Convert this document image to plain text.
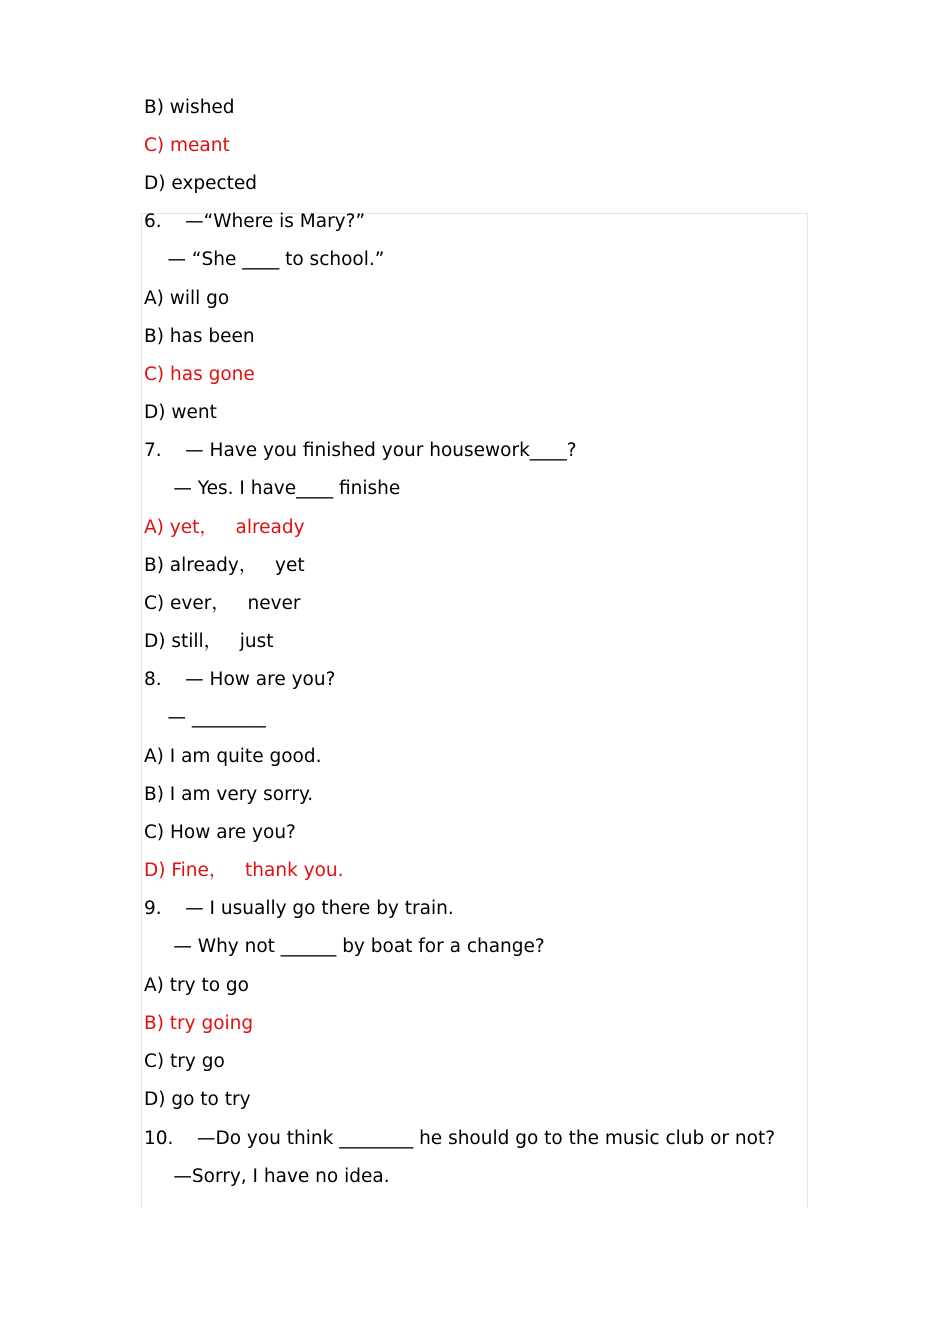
B) wished
C) meant
D) expected
6.    —“Where is Mary?”
— “She ____ to school.”
A) will go
B) has been
C) has gone
D) went
7.    — Have you finished your housework____?
— Yes. I have____ finishe
A) yet，   already
B) already，   yet
C) ever，   never
D) still，   just
8.    — How are you?
— ________
A) I am quite good.
B) I am very sorry.
C) How are you?
D) Fine，   thank you.
9.    — I usually go there by train.
— Why not ______ by boat for a change?
A) try to go
B) try going
C) try go
D) go to try
10.    —Do you think ________ he should go to the music club or not?
—Sorry, I have no idea.
